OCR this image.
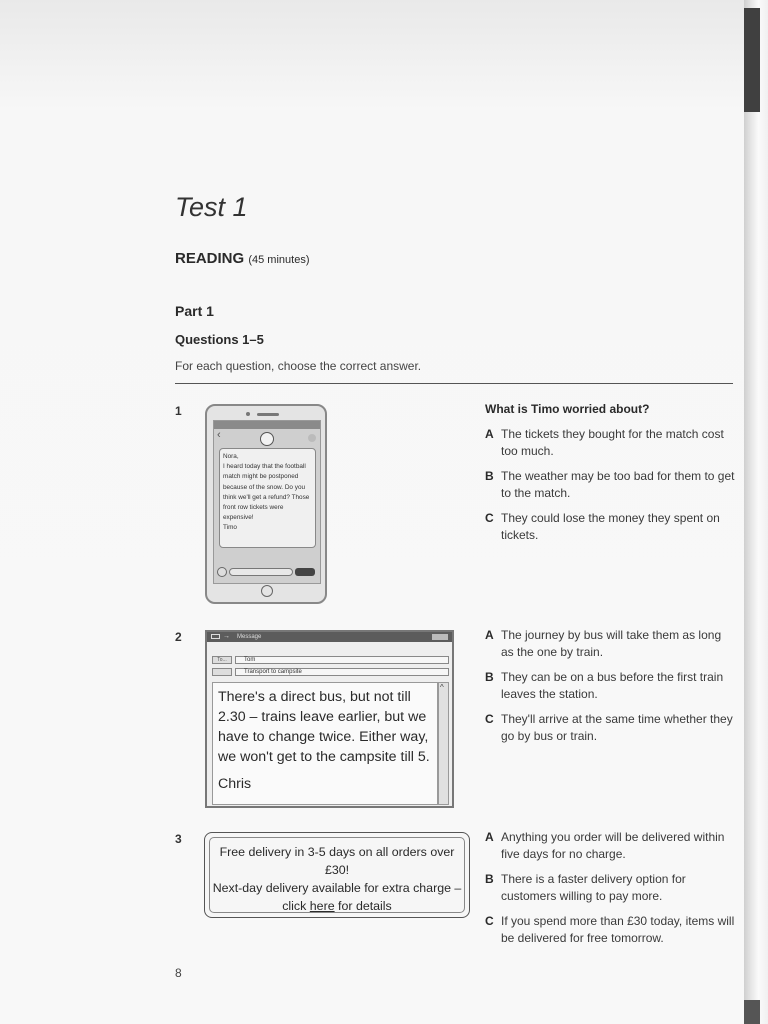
Test 1
READING (45 minutes)
Part 1
Questions 1–5
For each question, choose the correct answer.
1
‹
Nora,
I heard today that the football match might be postponed because of the snow. Do you think we'll get a refund? Those front row tickets were expensive!
Timo
What is Timo worried about?
A The tickets they bought for the match cost too much.
B The weather may be too bad for them to get to the match.
C They could lose the money they spent on tickets.
2	→ Message
To...	Tom
Transport to campsite
There's a direct bus, but not till 2.30 – trains leave earlier, but we have to change twice. Either way, we won't get to the campsite till 5.
Chris
^
A The journey by bus will take them as long as the one by train.
B They can be on a bus before the first train leaves the station.
C They'll arrive at the same time whether they go by bus or train.
3
Free delivery in 3-5 days on all orders over £30!
Next-day delivery available for extra charge – click here for details
A Anything you order will be delivered within five days for no charge.
B There is a faster delivery option for customers willing to pay more.
C If you spend more than £30 today, items will be delivered for free tomorrow.
8
